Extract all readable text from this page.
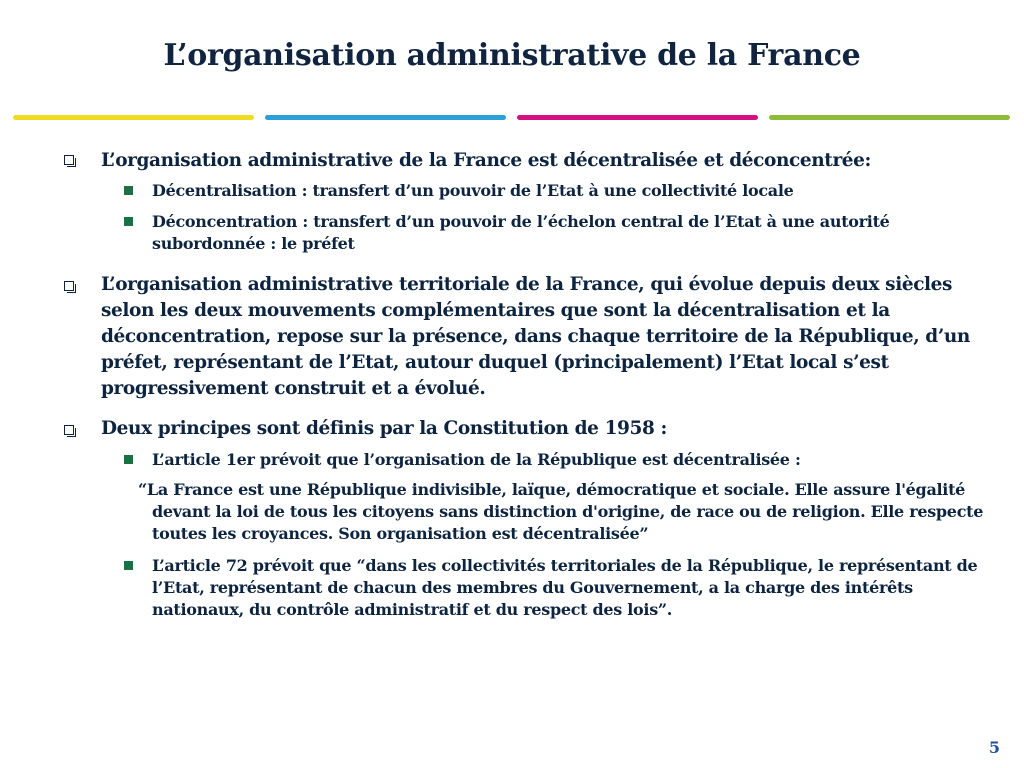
L’organisation administrative de la France
L’organisation administrative de la France est décentralisée et déconcentrée:
Décentralisation : transfert d’un pouvoir de l’Etat à une collectivité locale
Déconcentration : transfert d’un pouvoir de l’échelon central de l’Etat à une autorité subordonnée : le préfet
L’organisation administrative territoriale de la France, qui évolue depuis deux siècles selon les deux mouvements complémentaires que sont la décentralisation et la déconcentration, repose sur la présence, dans chaque territoire de la République, d’un préfet, représentant de l’Etat, autour duquel (principalement) l’Etat local s’est progressivement construit et a évolué.
Deux principes sont définis par la Constitution de 1958 :
L’article 1er prévoit que l’organisation de la République est décentralisée :
“La France est une République indivisible, laïque, démocratique et sociale. Elle assure l'égalité devant la loi de tous les citoyens sans distinction d'origine, de race ou de religion. Elle respecte toutes les croyances. Son organisation est décentralisée”
L’article 72 prévoit que “dans les collectivités territoriales de la République, le représentant de l’Etat, représentant de chacun des membres du Gouvernement, a la charge des intérêts nationaux, du contrôle administratif et du respect des lois”.
5
